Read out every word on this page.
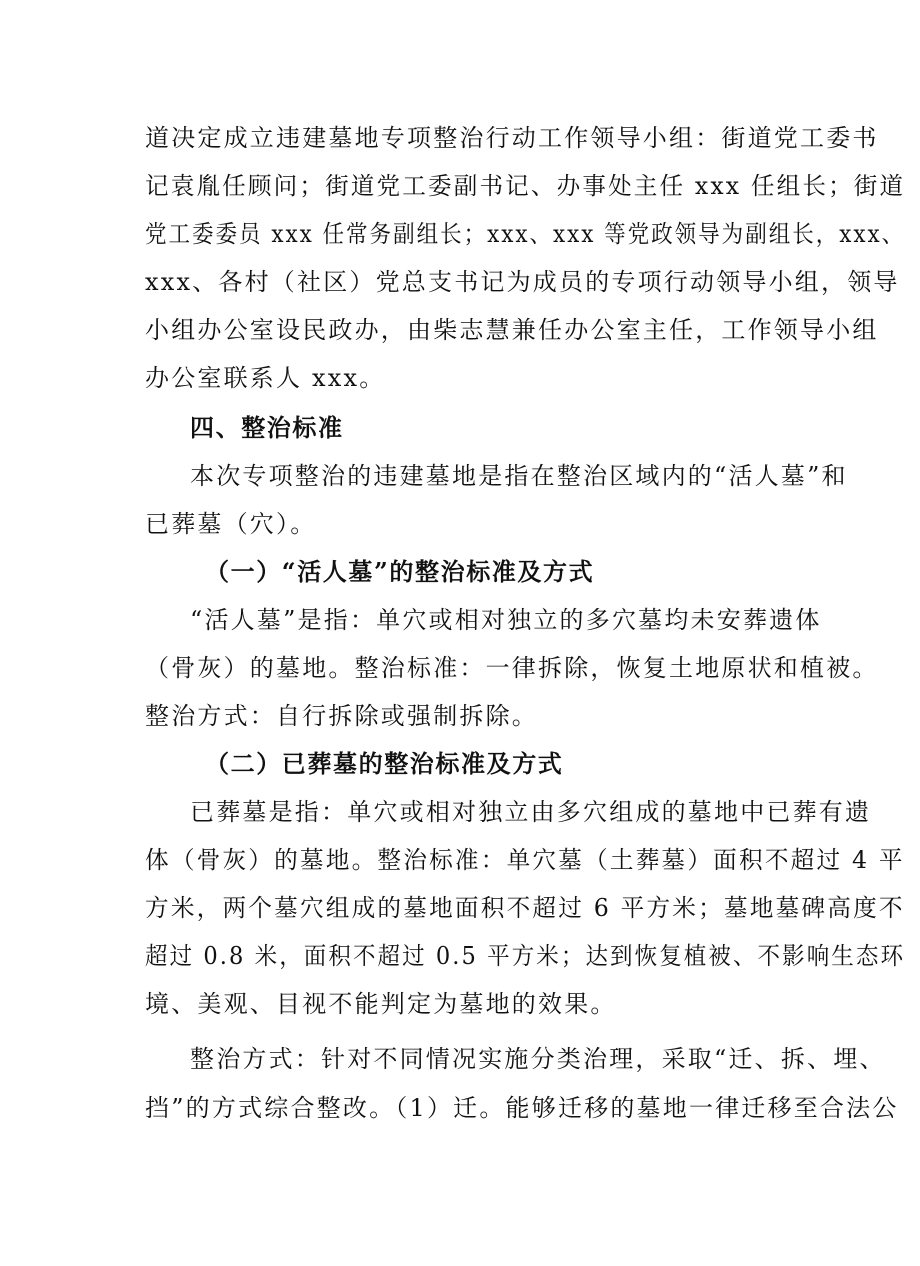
道决定成立违建墓地专项整治行动工作领导小组：街道党工委书
记袁胤任顾问；街道党工委副书记、办事处主任 xxx 任组长；街道
党工委委员 xxx 任常务副组长；xxx、xxx 等党政领导为副组长，xxx、
xxx、各村（社区）党总支书记为成员的专项行动领导小组，领导
小组办公室设民政办，由柴志慧兼任办公室主任，工作领导小组
办公室联系人 xxx。
四、整治标准
本次专项整治的违建墓地是指在整治区域内的“活人墓”和
已葬墓（穴）。
（一）“活人墓”的整治标准及方式
“活人墓”是指：单穴或相对独立的多穴墓均未安葬遗体
（骨灰）的墓地。整治标准：一律拆除，恢复土地原状和植被。
整治方式：自行拆除或强制拆除。
（二）已葬墓的整治标准及方式
已葬墓是指：单穴或相对独立由多穴组成的墓地中已葬有遗
体（骨灰）的墓地。整治标准：单穴墓（土葬墓）面积不超过 4 平
方米，两个墓穴组成的墓地面积不超过 6 平方米；墓地墓碑高度不
超过 0.8 米，面积不超过 0.5 平方米；达到恢复植被、不影响生态环
境、美观、目视不能判定为墓地的效果。
整治方式：针对不同情况实施分类治理，采取“迁、拆、埋、
挡”的方式综合整改。（1）迁。能够迁移的墓地一律迁移至合法公
